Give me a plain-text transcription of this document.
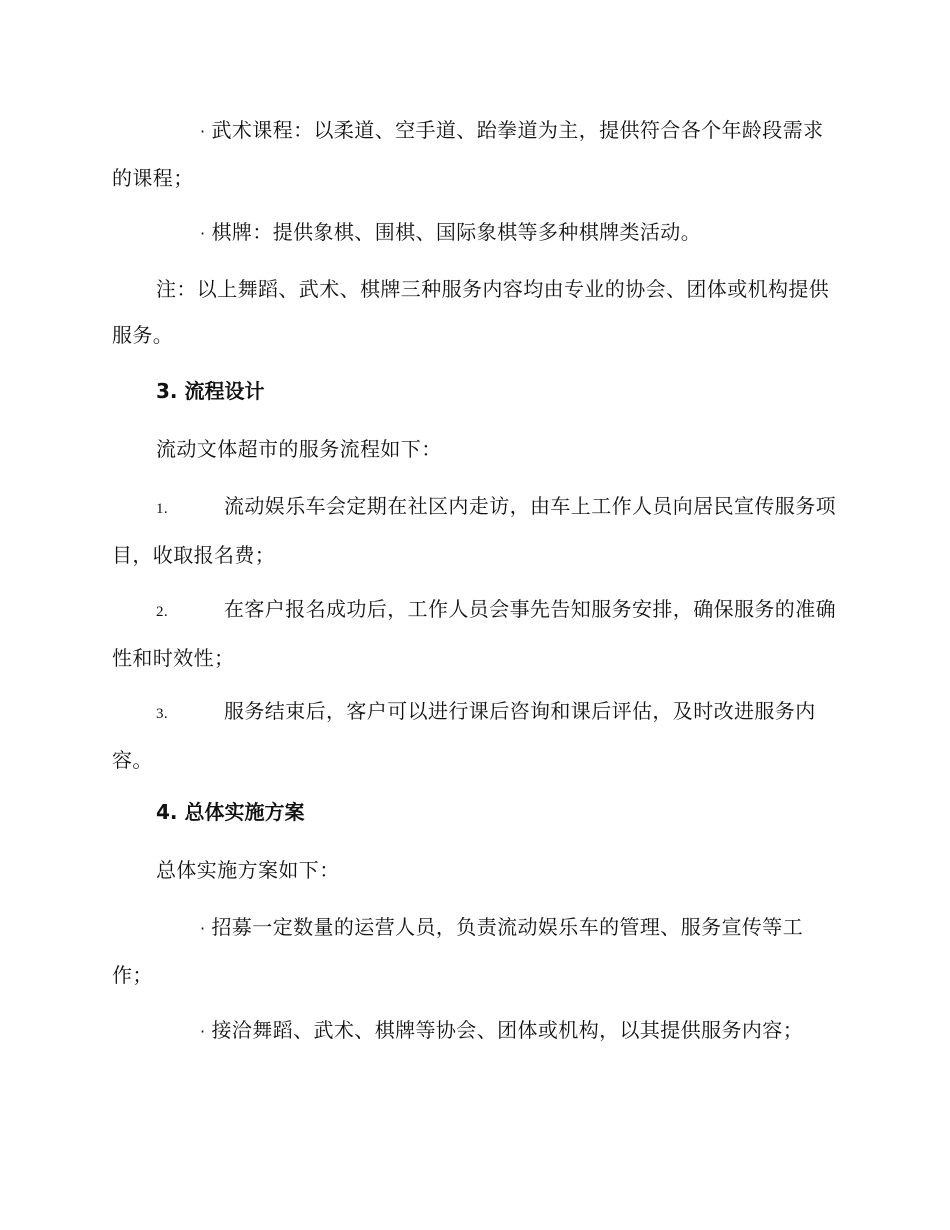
· 武术课程：以柔道、空手道、跆拳道为主，提供符合各个年龄段需求的课程；

· 棋牌：提供象棋、围棋、国际象棋等多种棋牌类活动。

注：以上舞蹈、武术、棋牌三种服务内容均由专业的协会、团体或机构提供服务。

3. 流程设计

流动文体超市的服务流程如下：

1.	流动娱乐车会定期在社区内走访，由车上工作人员向居民宣传服务项目，收取报名费；

2.	在客户报名成功后，工作人员会事先告知服务安排，确保服务的准确性和时效性；

3.	服务结束后，客户可以进行课后咨询和课后评估，及时改进服务内容。

4. 总体实施方案

总体实施方案如下：

· 招募一定数量的运营人员，负责流动娱乐车的管理、服务宣传等工作；

· 接洽舞蹈、武术、棋牌等协会、团体或机构，以其提供服务内容；
